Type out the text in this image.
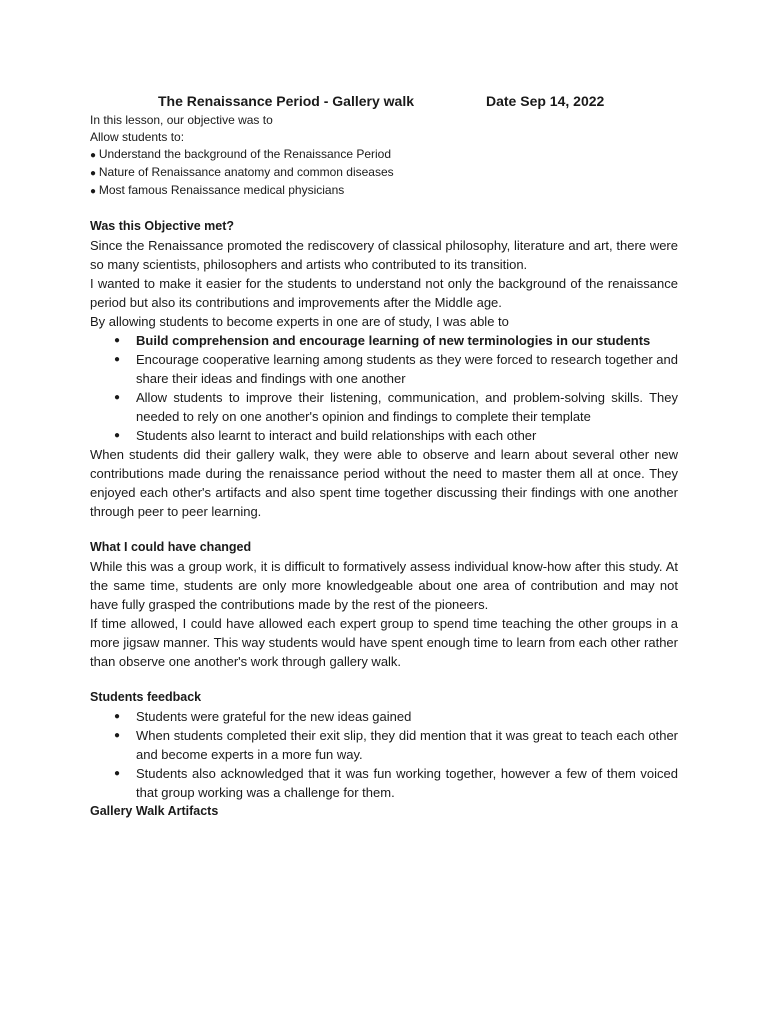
The Renaissance Period - Gallery walk	Date Sep 14, 2022
In this lesson, our objective was to
Allow students to:
● Understand the background of the Renaissance Period
● Nature of Renaissance anatomy and common diseases
● Most famous Renaissance medical physicians
Was this Objective met?
Since the Renaissance promoted the rediscovery of classical philosophy, literature and art, there were so many scientists, philosophers and artists who contributed to its transition.
I wanted to make it easier for the students to understand not only the background of the renaissance period but also its contributions and improvements after the Middle age.
By allowing students to become experts in one are of study, I was able to
● Build comprehension and encourage learning of new terminologies in our students
● Encourage cooperative learning among students as they were forced to research together and share their ideas and findings with one another
● Allow students to improve their listening, communication, and problem-solving skills. They needed to rely on one another's opinion and findings to complete their template
● Students also learnt to interact and build relationships with each other
When students did their gallery walk, they were able to observe and learn about several other new contributions made during the renaissance period without the need to master them all at once. They enjoyed each other's artifacts and also spent time together discussing their findings with one another through peer to peer learning.
What I could have changed
While this was a group work, it is difficult to formatively assess individual know-how after this study. At the same time, students are only more knowledgeable about one area of contribution and may not have fully grasped the contributions made by the rest of the pioneers.
If time allowed, I could have allowed each expert group to spend time teaching the other groups in a more jigsaw manner. This way students would have spent enough time to learn from each other rather than observe one another's work through gallery walk.
Students feedback
● Students were grateful for the new ideas gained
● When students completed their exit slip, they did mention that it was great to teach each other and become experts in a more fun way.
● Students also acknowledged that it was fun working together, however a few of them voiced that group working was a challenge for them.
Gallery Walk Artifacts
